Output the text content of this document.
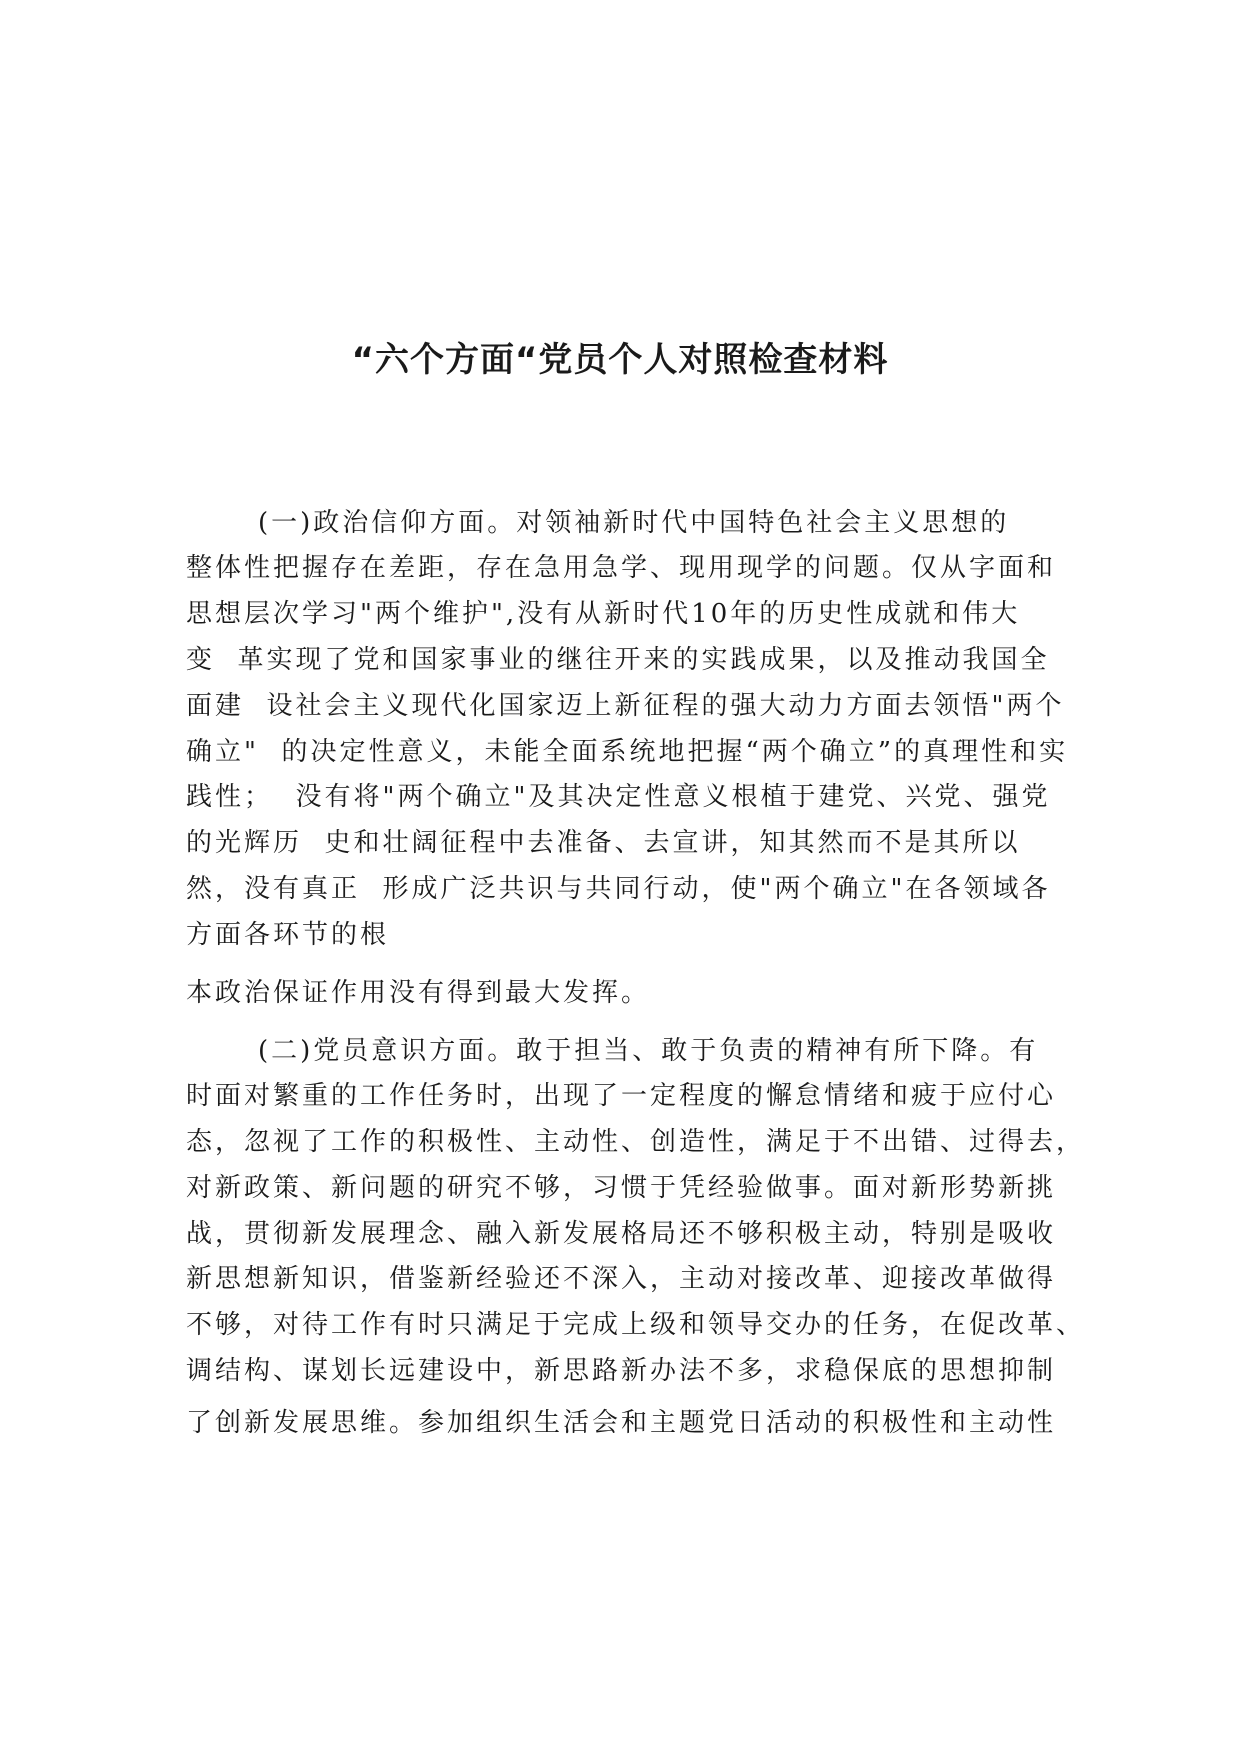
“六个方面“党员个人对照检查材料

(一)政治信仰方面。对领袖新时代中国特色社会主义思想的

整体性把握存在差距，存在急用急学、现用现学的问题。仅从字面和

思想层次学习"两个维护",没有从新时代10年的历史性成就和伟大

变  革实现了党和国家事业的继往开来的实践成果，以及推动我国全

面建  设社会主义现代化国家迈上新征程的强大动力方面去领悟"两个

确立"  的决定性意义，未能全面系统地把握“两个确立”的真理性和实

践性；  没有将"两个确立"及其决定性意义根植于建党、兴党、强党

的光辉历  史和壮阔征程中去准备、去宣讲，知其然而不是其所以

然，没有真正  形成广泛共识与共同行动，使"两个确立"在各领域各

方面各环节的根

本政治保证作用没有得到最大发挥。

(二)党员意识方面。敢于担当、敢于负责的精神有所下降。有

时面对繁重的工作任务时，出现了一定程度的懈怠情绪和疲于应付心

态，忽视了工作的积极性、主动性、创造性，满足于不出错、过得去，

对新政策、新问题的研究不够，习惯于凭经验做事。面对新形势新挑

战，贯彻新发展理念、融入新发展格局还不够积极主动，特别是吸收

新思想新知识，借鉴新经验还不深入，主动对接改革、迎接改革做得

不够，对待工作有时只满足于完成上级和领导交办的任务，在促改革、

调结构、谋划长远建设中，新思路新办法不多，求稳保底的思想抑制

了创新发展思维。参加组织生活会和主题党日活动的积极性和主动性
